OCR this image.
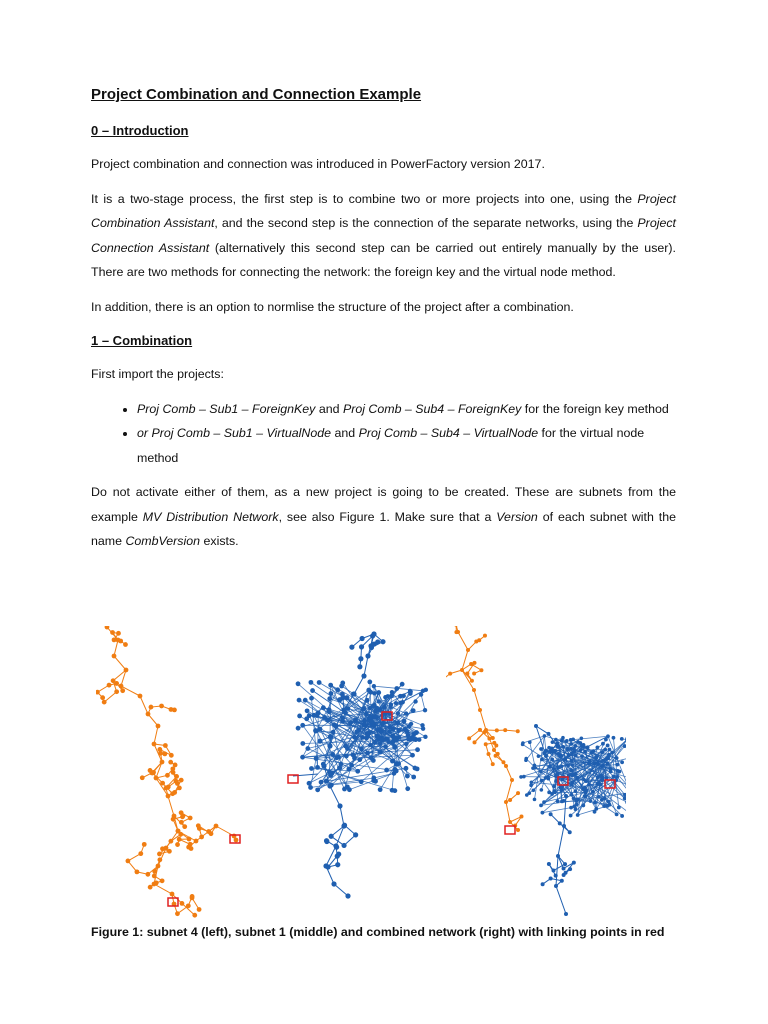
Project Combination and Connection Example
0 – Introduction

Project combination and connection was introduced in PowerFactory version 2017.

It is a two-stage process, the first step is to combine two or more projects into one, using the Project Combination Assistant, and the second step is the connection of the separate networks, using the Project Connection Assistant (alternatively this second step can be carried out entirely manually by the user). There are two methods for connecting the network: the foreign key and the virtual node method.

In addition, there is an option to normlise the structure of the project after a combination.

1 – Combination

First import the projects:

• Proj Comb – Sub1 – ForeignKey and Proj Comb – Sub4 – ForeignKey for the foreign key method
• or Proj Comb – Sub1 – VirtualNode and Proj Comb – Sub4 – VirtualNode for the virtual node method

Do not activate either of them, as a new project is going to be created. These are subnets from the example MV Distribution Network, see also Figure 1. Make sure that a Version of each subnet with the name CombVersion exists.

Figure 1: subnet 4 (left), subnet 1 (middle) and combined network (right) with linking points in red
